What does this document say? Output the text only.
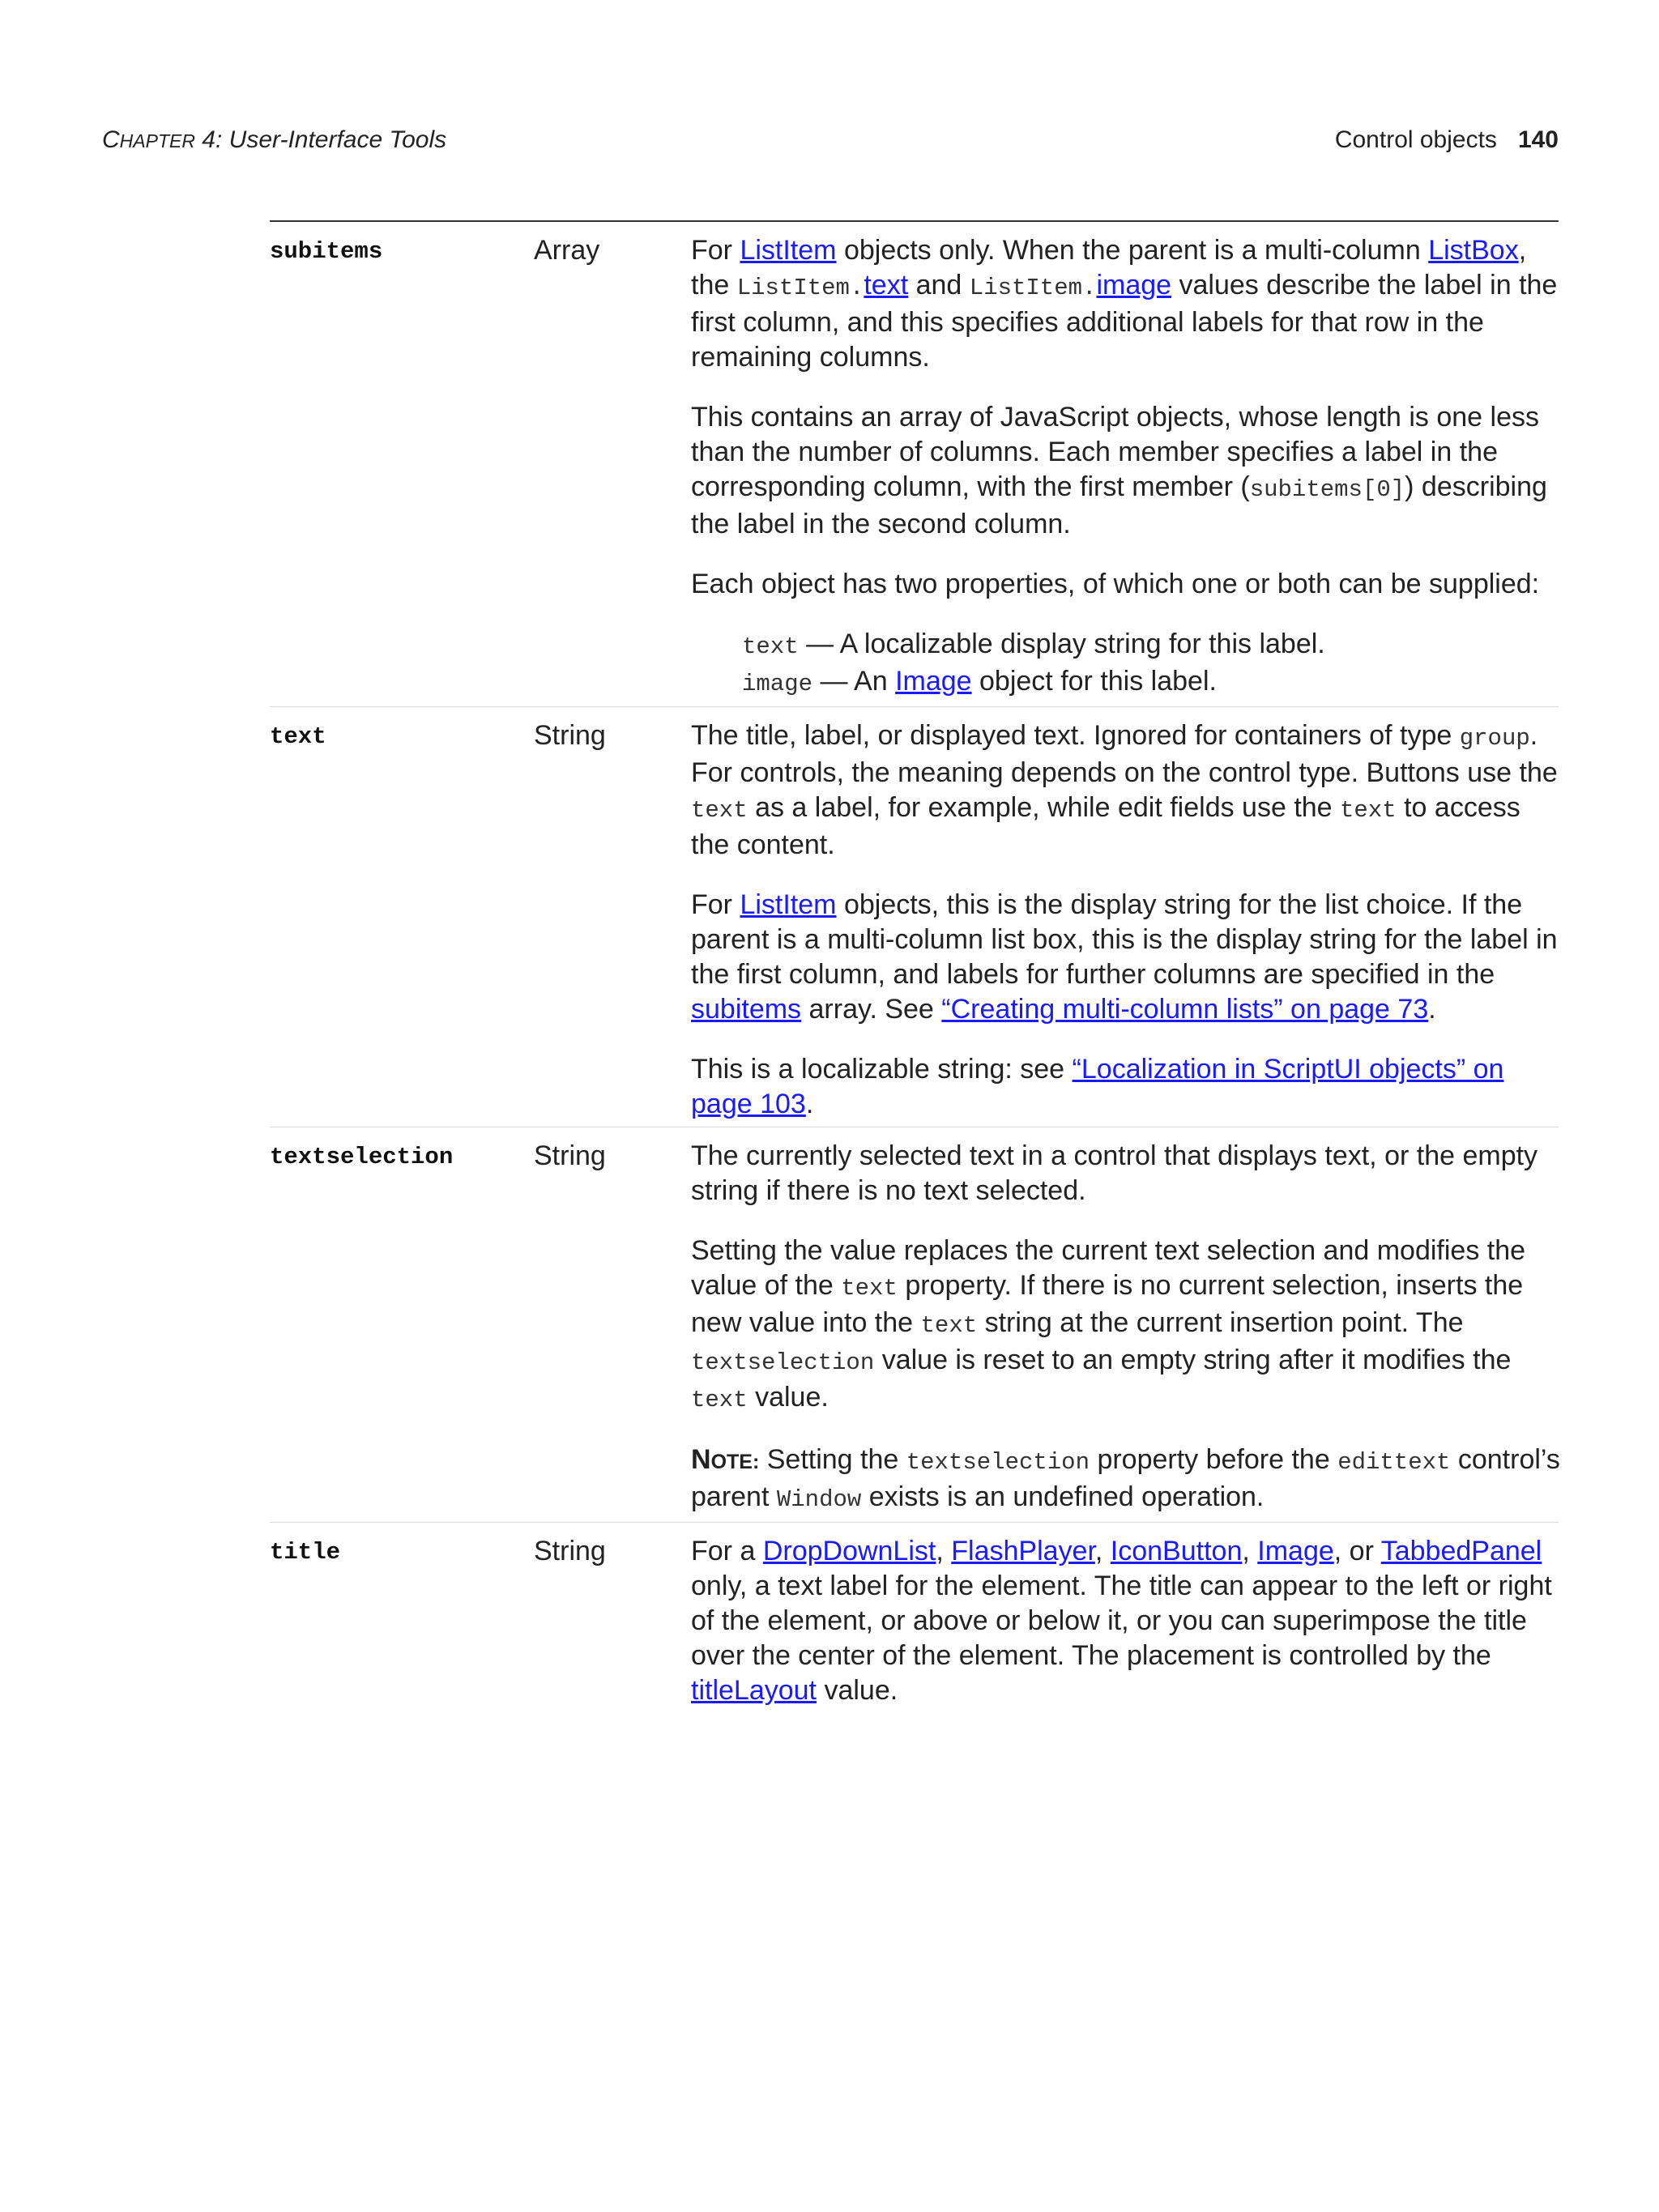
CHAPTER 4: User-Interface Tools	Control objects 140
subitems	Array	For ListItem objects only. When the parent is a multi-column ListBox, the ListItem.text and ListItem.image values describe the label in the first column, and this specifies additional labels for that row in the remaining columns.

This contains an array of JavaScript objects, whose length is one less than the number of columns. Each member specifies a label in the corresponding column, with the first member (subitems[0]) describing the label in the second column.

Each object has two properties, of which one or both can be supplied:

text — A localizable display string for this label.
image — An Image object for this label.

text	String	The title, label, or displayed text. Ignored for containers of type group. For controls, the meaning depends on the control type. Buttons use the text as a label, for example, while edit fields use the text to access the content.

For ListItem objects, this is the display string for the list choice. If the parent is a multi-column list box, this is the display string for the label in the first column, and labels for further columns are specified in the subitems array. See “Creating multi-column lists” on page 73.

This is a localizable string: see “Localization in ScriptUI objects” on page 103.

textselection	String	The currently selected text in a control that displays text, or the empty string if there is no text selected.

Setting the value replaces the current text selection and modifies the value of the text property. If there is no current selection, inserts the new value into the text string at the current insertion point. The textselection value is reset to an empty string after it modifies the text value.

NOTE: Setting the textselection property before the edittext control’s parent Window exists is an undefined operation.

title	String	For a DropDownList, FlashPlayer, IconButton, Image, or TabbedPanel only, a text label for the element. The title can appear to the left or right of the element, or above or below it, or you can superimpose the title over the center of the element. The placement is controlled by the titleLayout value.
